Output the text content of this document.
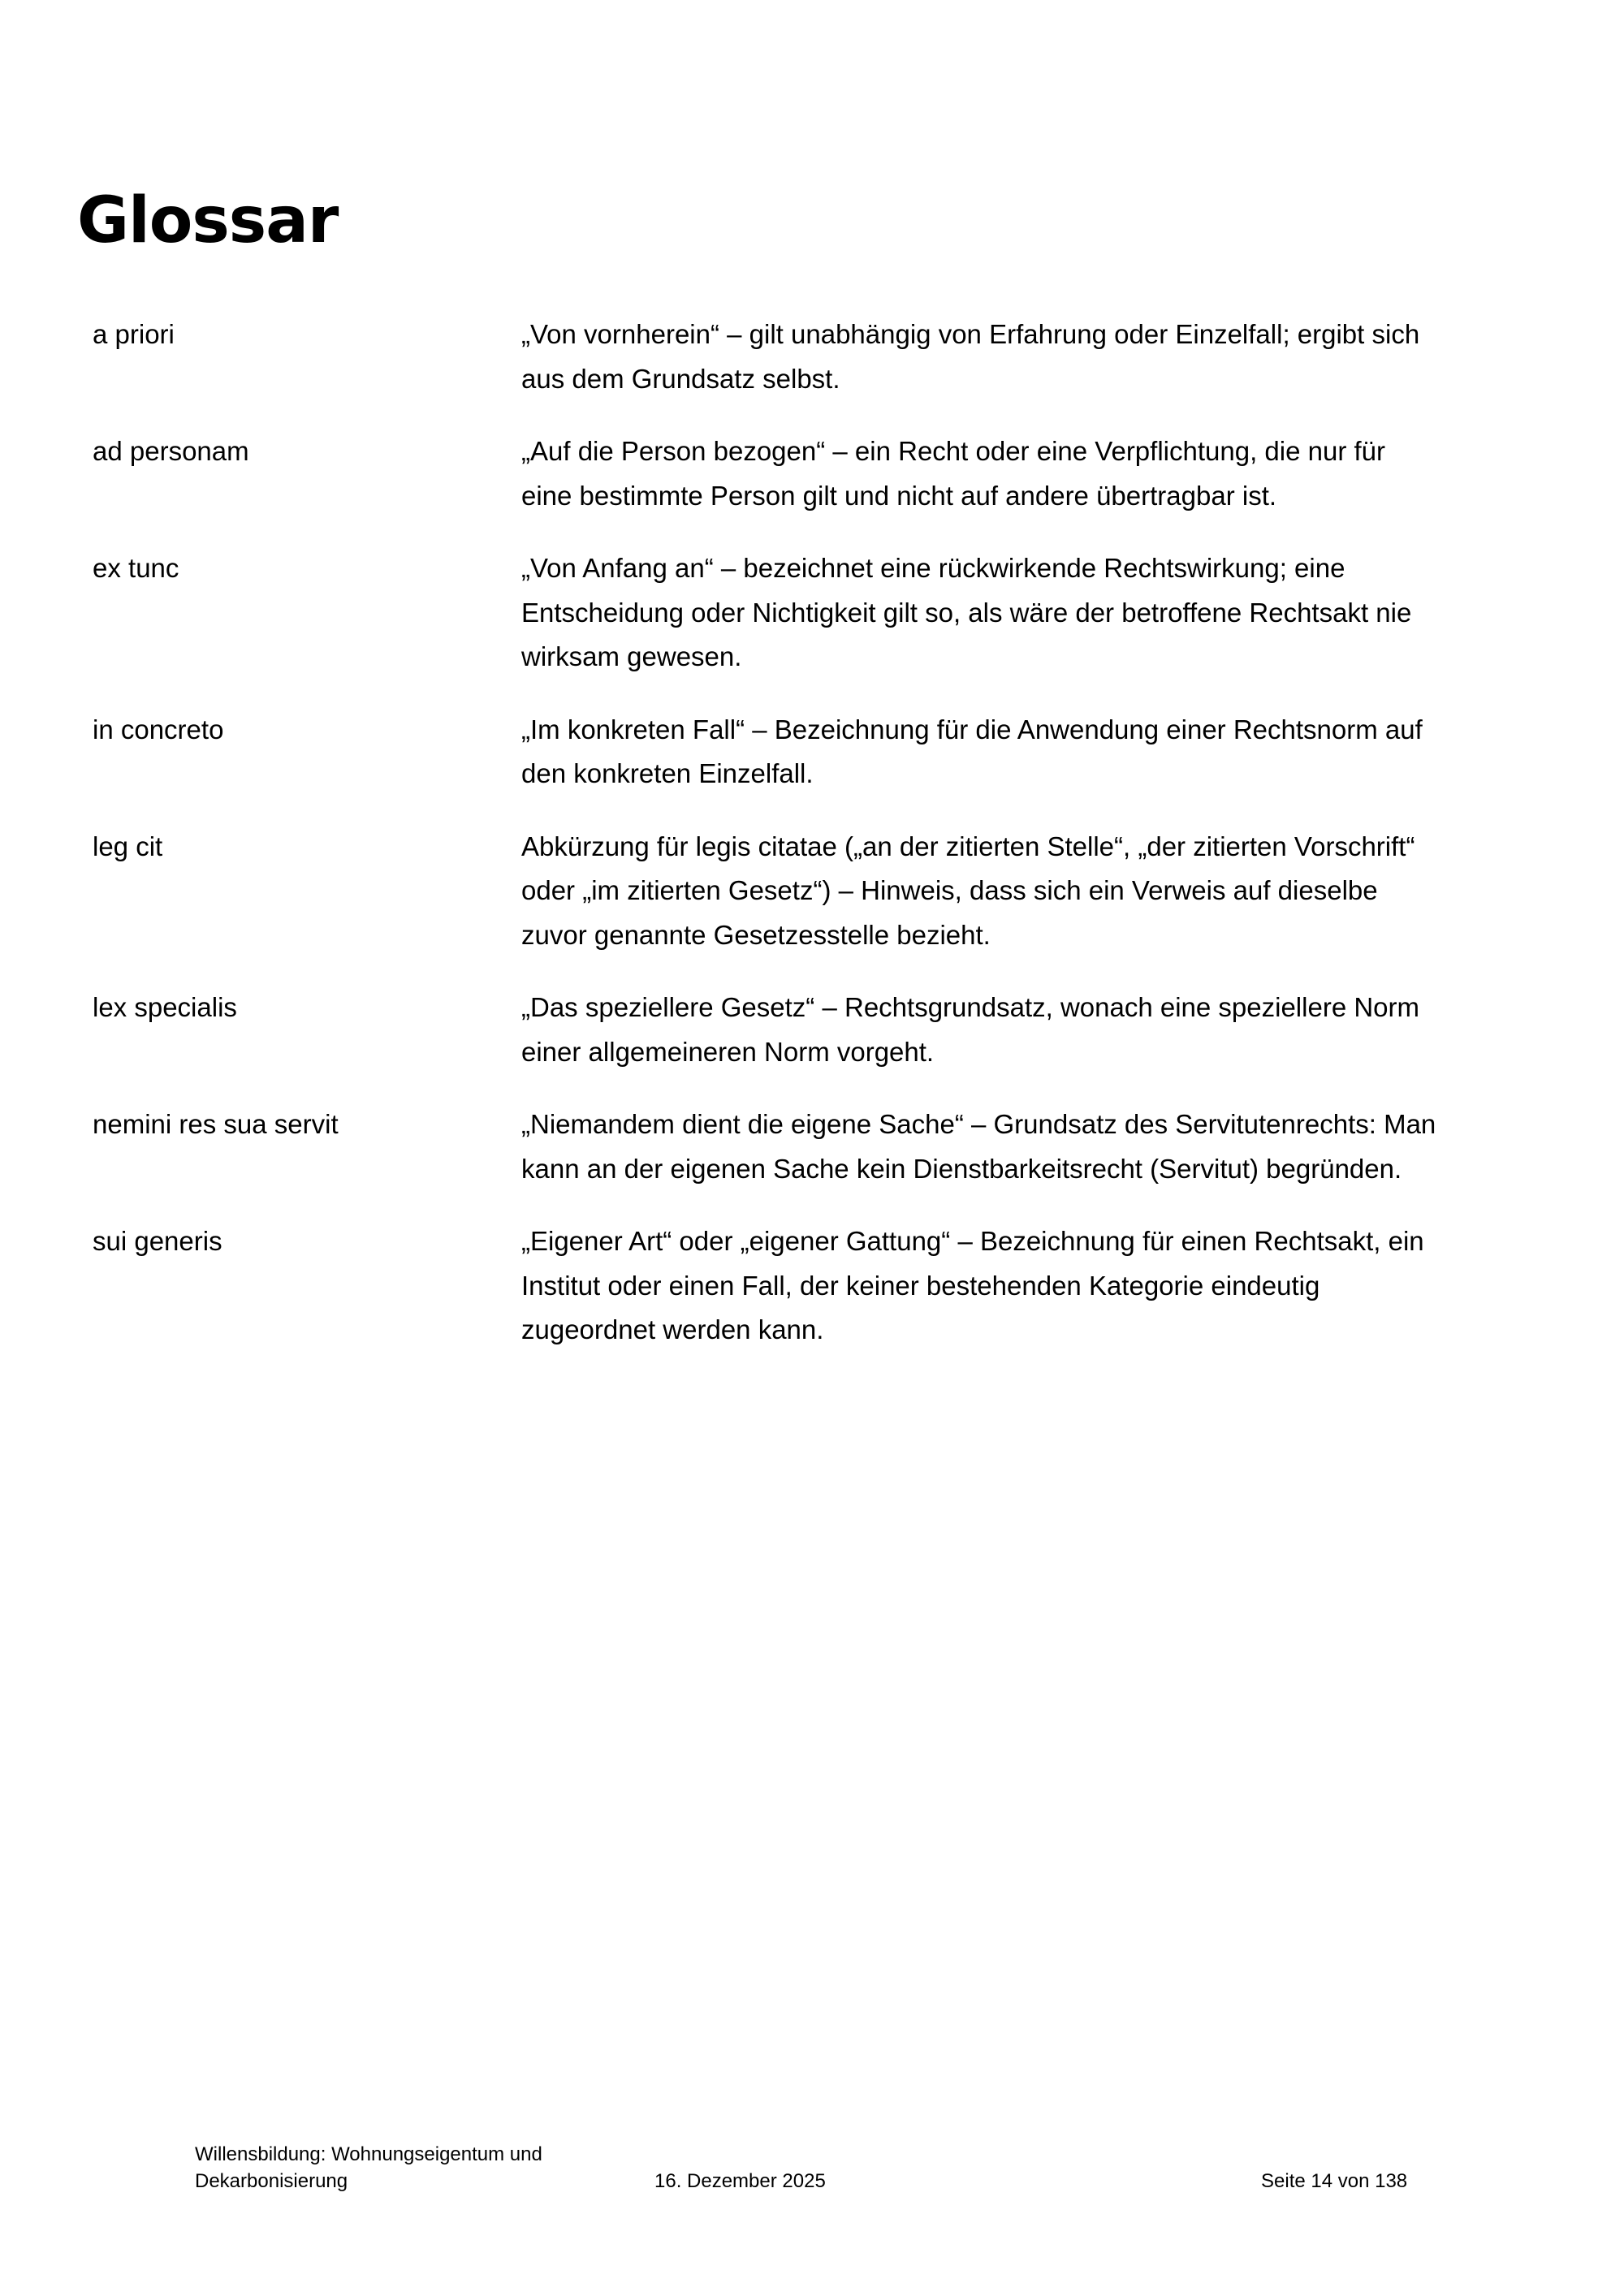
Glossar
a priori	„Von vornherein“ – gilt unabhängig von Erfahrung oder Einzelfall; ergibt sich aus dem Grundsatz selbst.
ad personam	„Auf die Person bezogen“ – ein Recht oder eine Verpflichtung, die nur für eine bestimmte Person gilt und nicht auf andere übertragbar ist.
ex tunc	„Von Anfang an“ – bezeichnet eine rückwirkende Rechtswirkung; eine Entscheidung oder Nichtigkeit gilt so, als wäre der betroffene Rechtsakt nie wirksam gewesen.
in concreto	„Im konkreten Fall“ – Bezeichnung für die Anwendung einer Rechtsnorm auf den konkreten Einzelfall.
leg cit	Abkürzung für legis citatae („an der zitierten Stelle“, „der zitierten Vorschrift“ oder „im zitierten Gesetz“) – Hinweis, dass sich ein Verweis auf dieselbe zuvor genannte Gesetzesstelle bezieht.
lex specialis	„Das speziellere Gesetz“ – Rechtsgrundsatz, wonach eine speziellere Norm einer allgemeineren Norm vorgeht.
nemini res sua servit	„Niemandem dient die eigene Sache“ – Grundsatz des Servitutenrechts: Man kann an der eigenen Sache kein Dienstbarkeitsrecht (Servitut) begründen.
sui generis	„Eigener Art“ oder „eigener Gattung“ – Bezeichnung für einen Rechtsakt, ein Institut oder einen Fall, der keiner bestehenden Kategorie eindeutig zugeordnet werden kann.
Willensbildung: Wohnungseigentum und Dekarbonisierung	16. Dezember 2025	Seite 14 von 138
